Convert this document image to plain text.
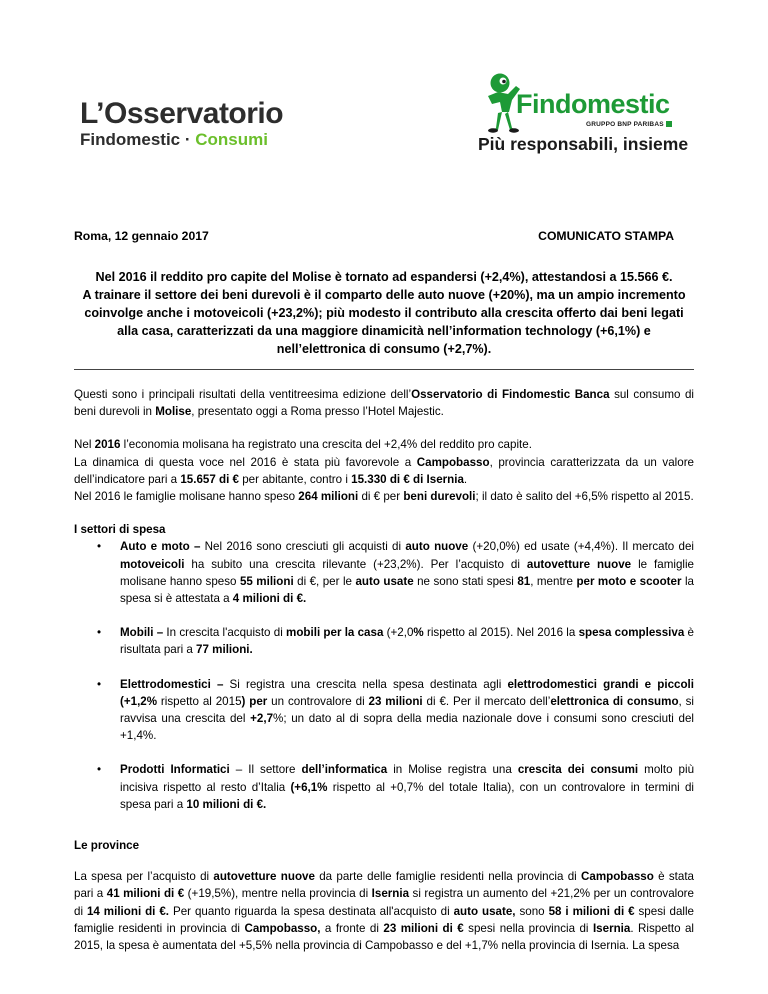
L’Osservatorio
Findomestic · Consumi
Findomestic
GRUPPO BNP PARIBAS
Più responsabili, insieme
Roma, 12 gennaio 2017	COMUNICATO STAMPA
Nel 2016 il reddito pro capite del Molise è tornato ad espandersi (+2,4%), attestandosi a 15.566 €.
A trainare il settore dei beni durevoli è il comparto delle auto nuove (+20%), ma un ampio incremento
coinvolge anche i motoveicoli (+23,2%); più modesto il contributo alla crescita offerto dai beni legati
alla casa, caratterizzati da una maggiore dinamicità nell’information technology (+6,1%) e
nell’elettronica di consumo (+2,7%).

Questi sono i principali risultati della ventitreesima edizione dell’Osservatorio di Findomestic Banca sul consumo di beni durevoli in Molise, presentato oggi a Roma presso l’Hotel Majestic.

Nel 2016 l’economia molisana ha registrato una crescita del +2,4% del reddito pro capite.
La dinamica di questa voce nel 2016 è stata più favorevole a Campobasso, provincia caratterizzata da un valore dell’indicatore pari a 15.657 di € per abitante, contro i 15.330 di € di Isernia.
Nel 2016 le famiglie molisane hanno speso 264 milioni di € per beni durevoli; il dato è salito del +6,5% rispetto al 2015.

I settori di spesa

• Auto e moto – Nel 2016 sono cresciuti gli acquisti di auto nuove (+20,0%) ed usate (+4,4%). Il mercato dei motoveicoli ha subito una crescita rilevante (+23,2%). Per l’acquisto di autovetture nuove le famiglie molisane hanno speso 55 milioni di €, per le auto usate ne sono stati spesi 81, mentre per moto e scooter la spesa si è attestata a 4 milioni di €.
• Mobili – In crescita l'acquisto di mobili per la casa (+2,0% rispetto al 2015). Nel 2016 la spesa complessiva è risultata pari a 77 milioni.
• Elettrodomestici – Si registra una crescita nella spesa destinata agli elettrodomestici grandi e piccoli (+1,2% rispetto al 2015) per un controvalore di 23 milioni di €. Per il mercato dell’elettronica di consumo, si ravvisa una crescita del +2,7%; un dato al di sopra della media nazionale dove i consumi sono cresciuti del +1,4%.
• Prodotti Informatici – Il settore dell’informatica in Molise registra una crescita dei consumi molto più incisiva rispetto al resto d’Italia (+6,1% rispetto al +0,7% del totale Italia), con un controvalore in termini di spesa pari a 10 milioni di €.

Le province

La spesa per l’acquisto di autovetture nuove da parte delle famiglie residenti nella provincia di Campobasso è stata pari a 41 milioni di € (+19,5%), mentre nella provincia di Isernia si registra un aumento del +21,2% per un controvalore di 14 milioni di €. Per quanto riguarda la spesa destinata all'acquisto di auto usate, sono 58 i milioni di € spesi dalle famiglie residenti in provincia di Campobasso, a fronte di 23 milioni di € spesi nella provincia di Isernia. Rispetto al 2015, la spesa è aumentata del +5,5% nella provincia di Campobasso e del +1,7% nella provincia di Isernia. La spesa
